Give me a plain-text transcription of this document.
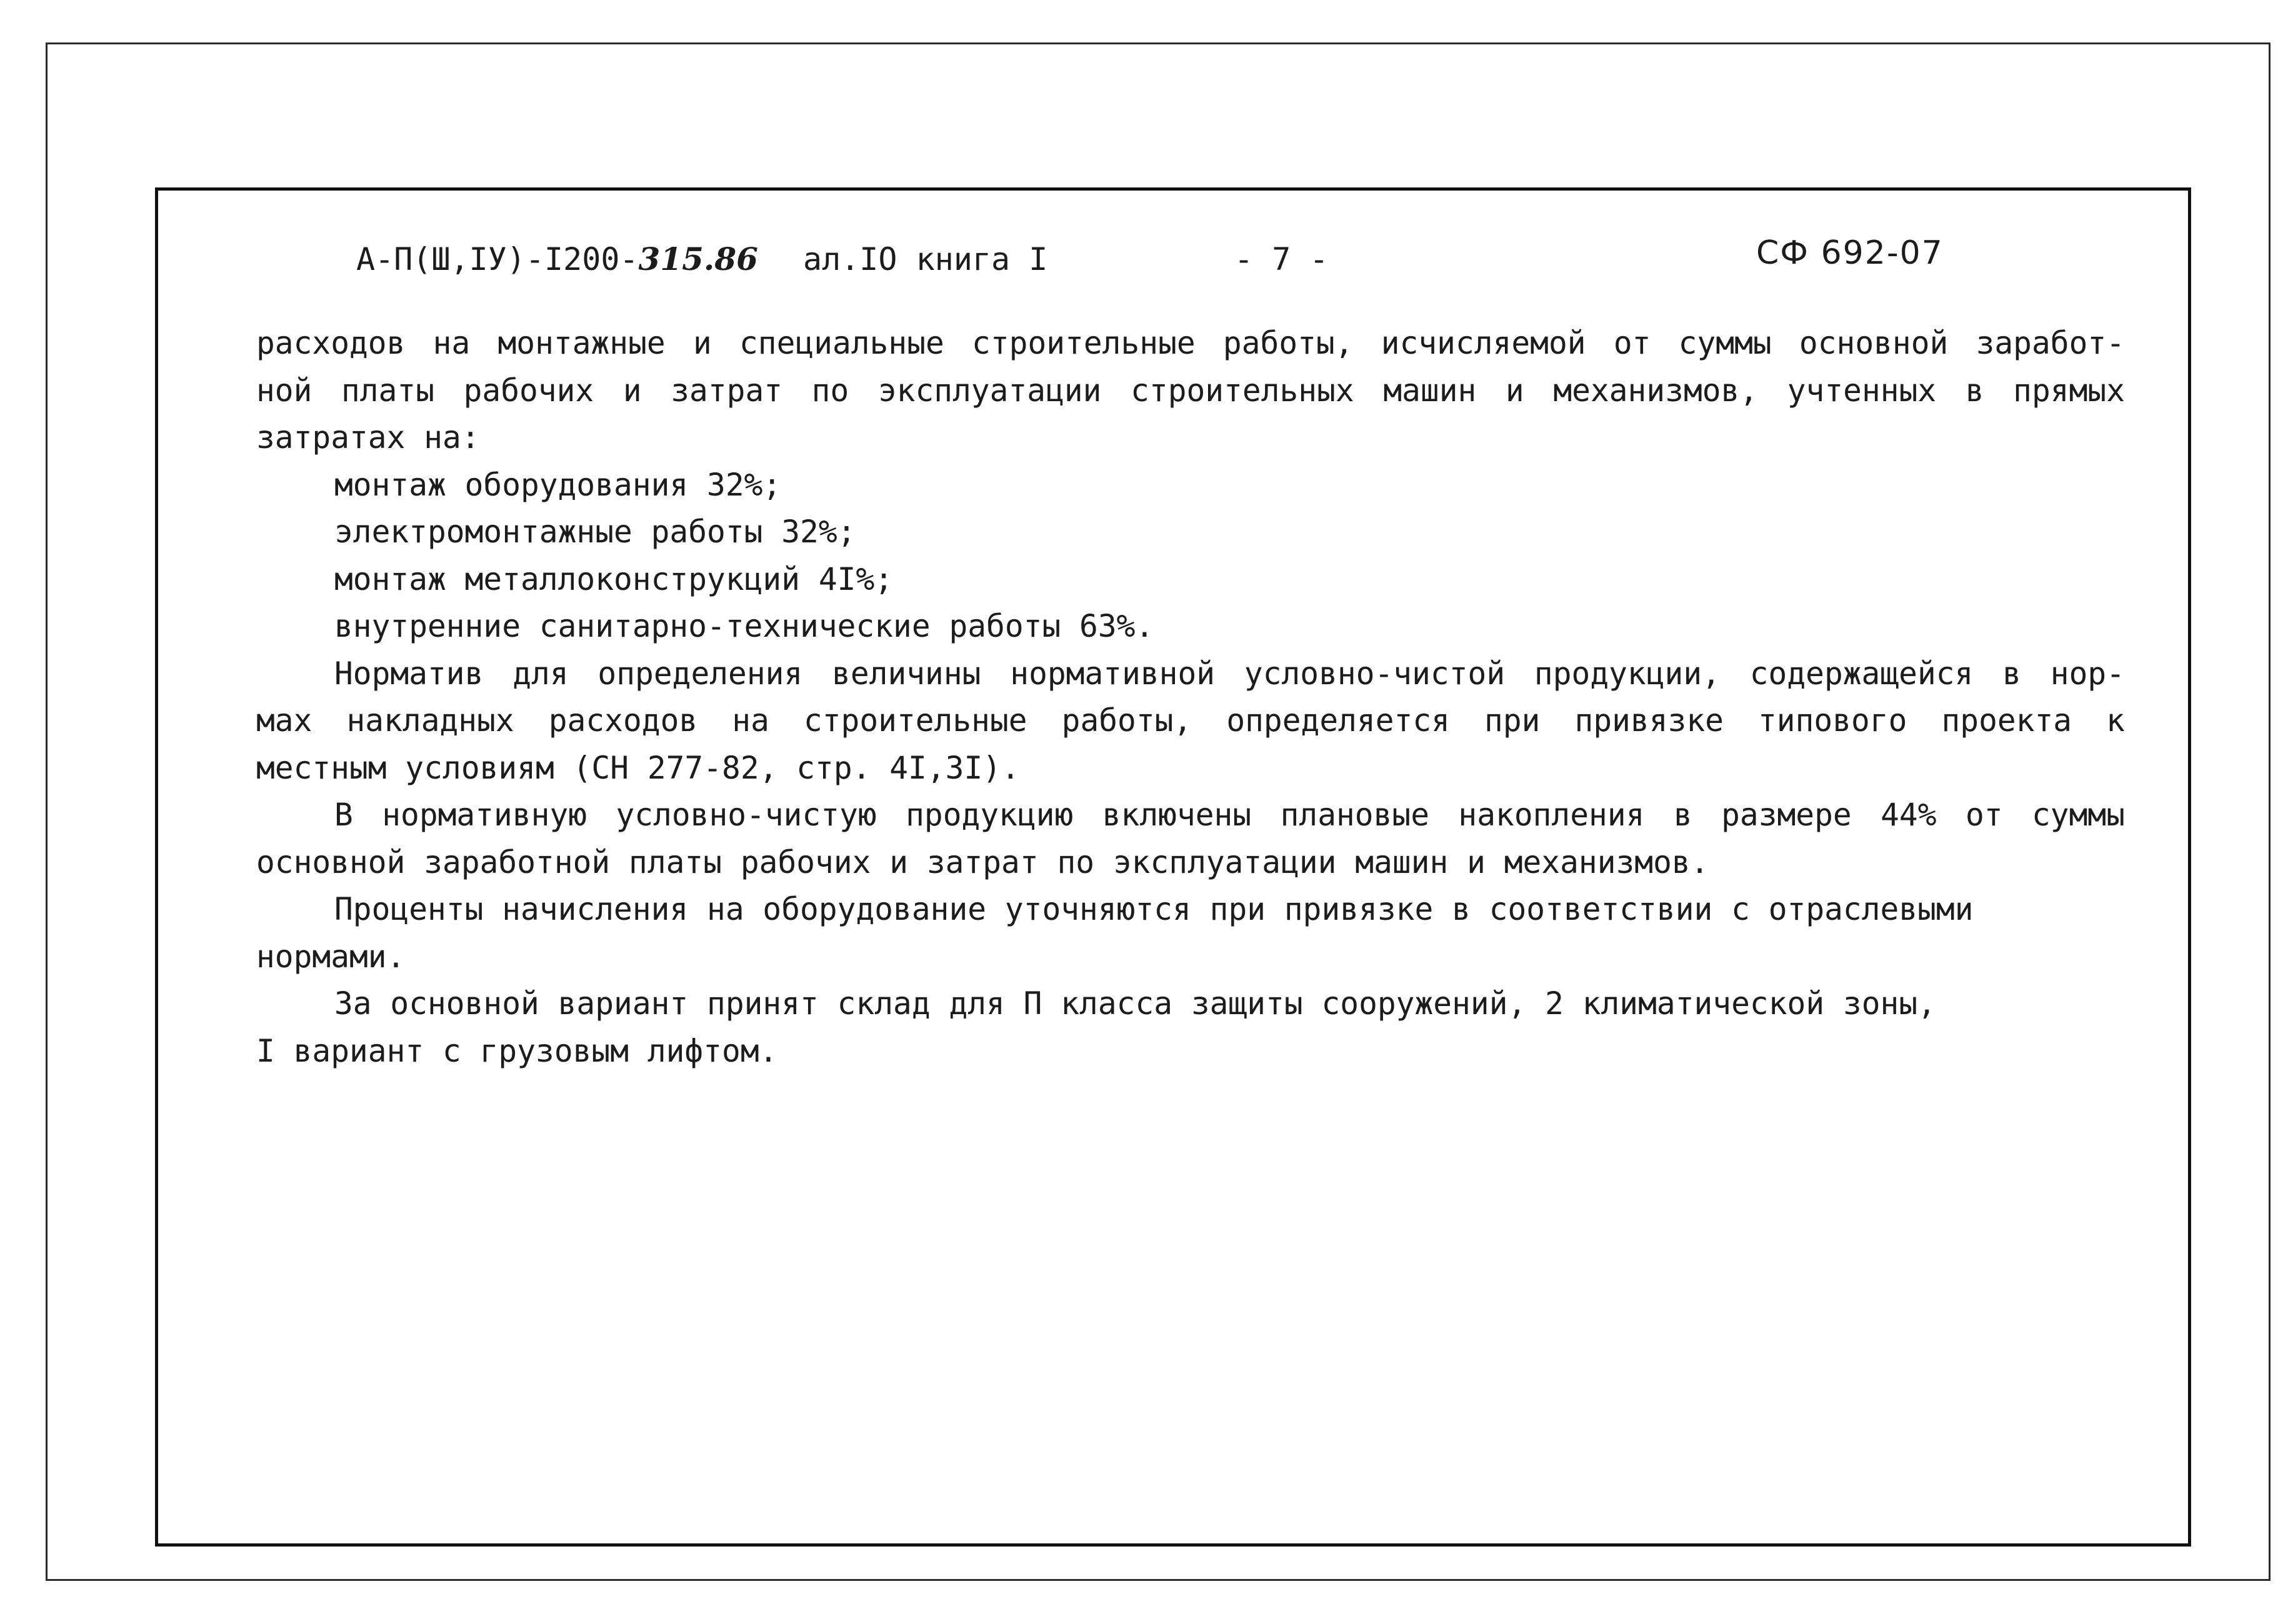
А-П(Ш,IУ)-I200-315.86 ал.IO книга I	- 7 -	СФ 692-07
расходов на монтажные и специальные строительные работы, исчисляемой от суммы основной заработ-
ной платы рабочих и затрат по эксплуатации строительных машин и механизмов, учтенных в прямых
затратах на:
монтаж оборудования 32%;
электромонтажные работы 32%;
монтаж металлоконструкций 4I%;
внутренние санитарно-технические работы 63%.
Норматив для определения величины нормативной условно-чистой продукции, содержащейся в нор-
мах накладных расходов на строительные работы, определяется при привязке типового проекта к
местным условиям (СН 277-82, стр. 4I,3I).
В нормативную условно-чистую продукцию включены плановые накопления в размере 44% от суммы
основной заработной платы рабочих и затрат по эксплуатации машин и механизмов.
Проценты начисления на оборудование уточняются при привязке в соответствии с отраслевыми
нормами.
За основной вариант принят склад для П класса защиты сооружений, 2 климатической зоны,
I вариант с грузовым лифтом.
